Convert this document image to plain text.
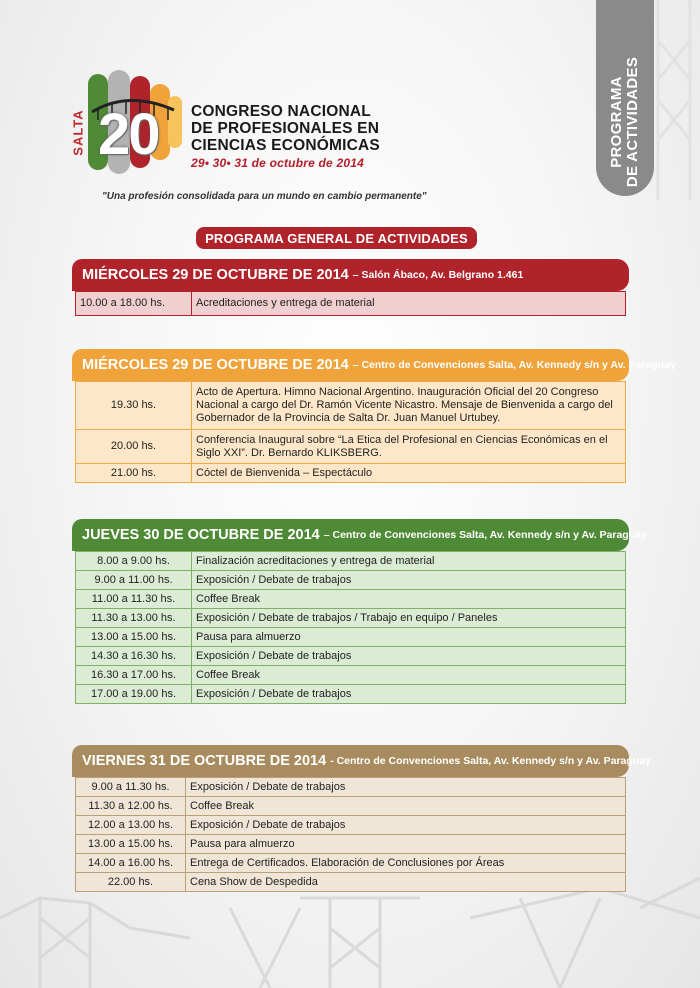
PROGRAMA DE ACTIVIDADES
SALTA 20 CONGRESO NACIONAL
DE PROFESIONALES EN
CIENCIAS ECONÓMICAS
29• 30• 31 de octubre de 2014
"Una profesión consolidada para un mundo en cambio permanente"
PROGRAMA GENERAL DE ACTIVIDADES
MIÉRCOLES 29 DE OCTUBRE DE 2014 – Salón Ábaco, Av. Belgrano 1.461
10.00 a 18.00 hs.	Acreditaciones y entrega de material
MIÉRCOLES 29 DE OCTUBRE DE 2014 – Centro de Convenciones Salta, Av. Kennedy s/n y Av. Paraguay
19.30 hs.	Acto de Apertura. Himno Nacional Argentino. Inauguración Oficial del 20 Congreso Nacional a cargo del Dr. Ramón Vicente Nicastro. Mensaje de Bienvenida a cargo del Gobernador de la Provincia de Salta Dr. Juan Manuel Urtubey.
20.00 hs.	Conferencia Inaugural sobre “La Etica del Profesional en Ciencias Económicas en el Siglo XXI”. Dr. Bernardo KLIKSBERG.
21.00 hs.	Cóctel de Bienvenida – Espectáculo
JUEVES 30 DE OCTUBRE DE 2014 – Centro de Convenciones Salta, Av. Kennedy s/n y Av. Paraguay
8.00 a 9.00 hs.	Finalización acreditaciones y entrega de material
9.00 a 11.00 hs.	Exposición / Debate de trabajos
11.00 a 11.30 hs.	Coffee Break
11.30 a 13.00 hs.	Exposición / Debate de trabajos / Trabajo en equipo / Paneles
13.00 a 15.00 hs.	Pausa para almuerzo
14.30 a 16.30 hs.	Exposición / Debate de trabajos
16.30 a 17.00 hs.	Coffee Break
17.00 a 19.00 hs.	Exposición / Debate de trabajos
VIERNES 31 DE OCTUBRE DE 2014 - Centro de Convenciones Salta, Av. Kennedy s/n y Av. Paraguay
9.00 a 11.30 hs.	Exposición / Debate de trabajos
11.30 a 12.00 hs.	Coffee Break
12.00 a 13.00 hs.	Exposición / Debate de trabajos
13.00 a 15.00 hs.	Pausa para almuerzo
14.00 a 16.00 hs.	Entrega de Certificados. Elaboración de Conclusiones por Áreas
22.00 hs.	Cena Show de Despedida
